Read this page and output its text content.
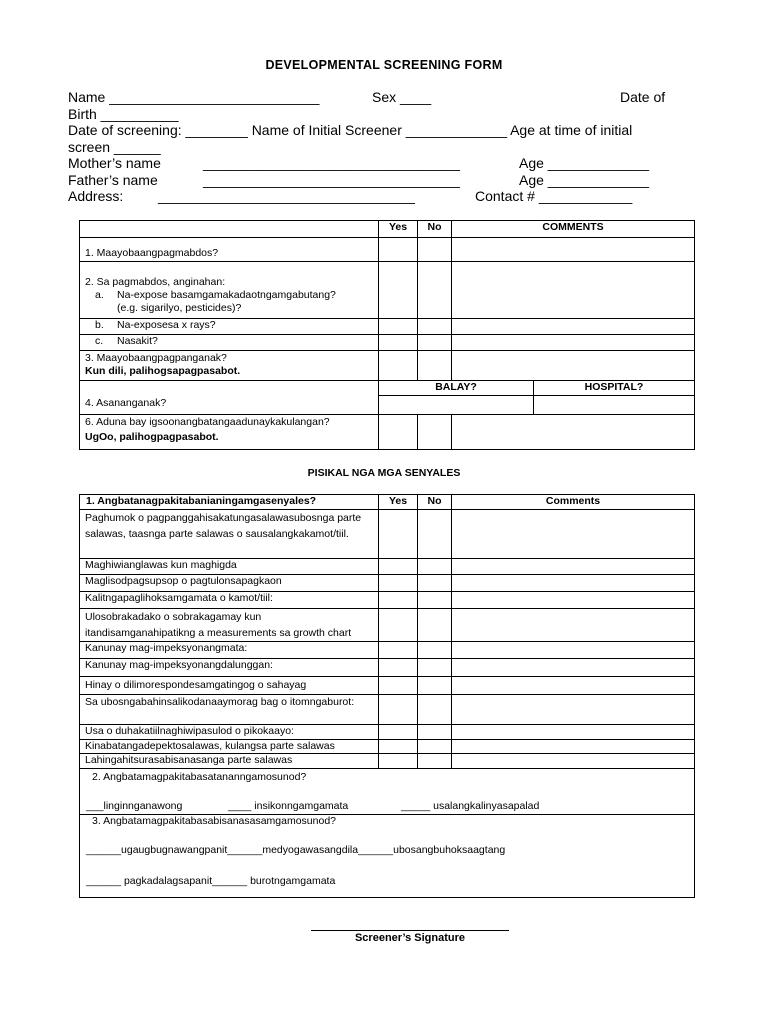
DEVELOPMENTAL SCREENING FORM
Name ___________________________	Sex ____	Date of
Birth __________
Date of screening: ________ Name of Initial Screener _____________ Age at time of initial
screen ______
Mother’s name	_________________________________	Age _____________
Father’s name	_________________________________	Age _____________
Address: _________________________________	Contact # ____________
	Yes	No	COMMENTS	
1. Maayobaangpagmabdos?				
2. Sa pagmabdos, anginahan:
a. Na-expose basamgamakadaotngamgabutang?
(e.g. sigarilyo, pesticides)?				
b. Na-exposesa x rays?				
c. Nasakit?				
3. Maayobaangpagpanganak?
Kun dili, palihogsapagpasabot.				
4. Asananganak?	BALAY?			HOSPITAL?

6. Aduna bay igsoonangbatangaadunaykakulangan?
UgOo, palihogpagpasabot.				
PISIKAL NGA MGA SENYALES
1. Angbatanagpakitabanianingamgasenyales?	Yes	No	Comments
Paghumok o pagpanggahisakatungasalawasubosnga parte salawas, taasnga parte salawas o sausalangkakamot/tiil.			
Maghiwianglawas kun maghigda			
Maglisodpagsupsop o pagtulonsapagkaon			
Kalitngapaglihoksamgamata o kamot/tiil:			
Ulosobrakadako o sobrakagamay kun itandisamganahipatikng a measurements sa growth chart			
Kanunay mag-impeksyonangmata:			
Kanunay mag-impeksyonangdalunggan:			
Hinay o dilimorespondesamgatingog o sahayag			
Sa ubosngabahinsalikodanaaymorag bag o itomngaburot:			
Usa o duhakatiilnaghiwipasulod o pikokaayo:			
Kinabatangadepektosalawas, kulangsa parte salawas			
Lahingahitsurasabisanasanga parte salawas			

2. Angbatamagpakitabasatananngamosunod?
___linginnganawong ____ insikonngamgamata _____ usalangkalinyasapalad			

3. Angbatamagpakitabasabisanasasamgamosunod?
______ugaugbugnawangpanit______medyogawasangdila______ubosangbuhoksaagtang
______ pagkadalagsapanit______ burotngamgamata			
Screener’s Signature
